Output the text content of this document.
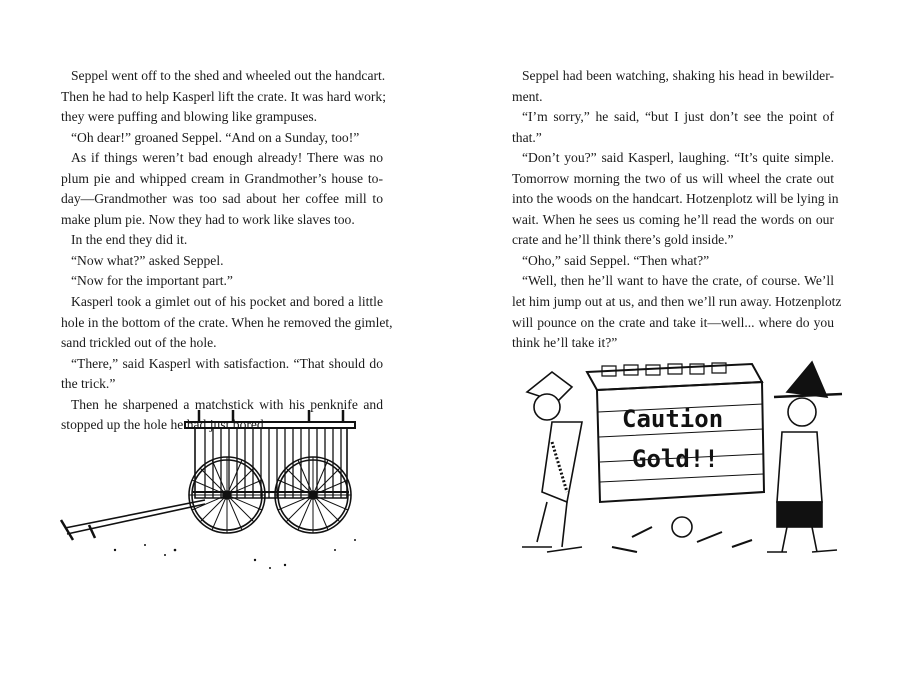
Seppel went off to the shed and wheeled out the handcart.
Then he had to help Kasperl lift the crate. It was hard work;
they were puffing and blowing like grampuses.
“Oh dear!” groaned Seppel. “And on a Sunday, too!”
As if things weren’t bad enough already! There was no
plum pie and whipped cream in Grandmother’s house to-
day—Grandmother was too sad about her coffee mill to
make plum pie. Now they had to work like slaves too.
In the end they did it.
“Now what?” asked Seppel.
“Now for the important part.”
Kasperl took a gimlet out of his pocket and bored a little
hole in the bottom of the crate. When he removed the gimlet,
sand trickled out of the hole.
“There,” said Kasperl with satisfaction. “That should do
the trick.”
Then he sharpened a matchstick with his penknife and
stopped up the hole he had just bored.
Seppel had been watching, shaking his head in bewilder-
ment.
“I’m sorry,” he said, “but I just don’t see the point of
that.”
“Don’t you?” said Kasperl, laughing. “It’s quite simple.
Tomorrow morning the two of us will wheel the crate out
into the woods on the handcart. Hotzenplotz will be lying in
wait. When he sees us coming he’ll read the words on our
crate and he’ll think there’s gold inside.”
“Oho,” said Seppel. “Then what?”
“Well, then he’ll want to have the crate, of course. We’ll
let him jump out at us, and then we’ll run away. Hotzenplotz
will pounce on the crate and take it—well... where do you
think he’ll take it?”
Caution
Gold!!
